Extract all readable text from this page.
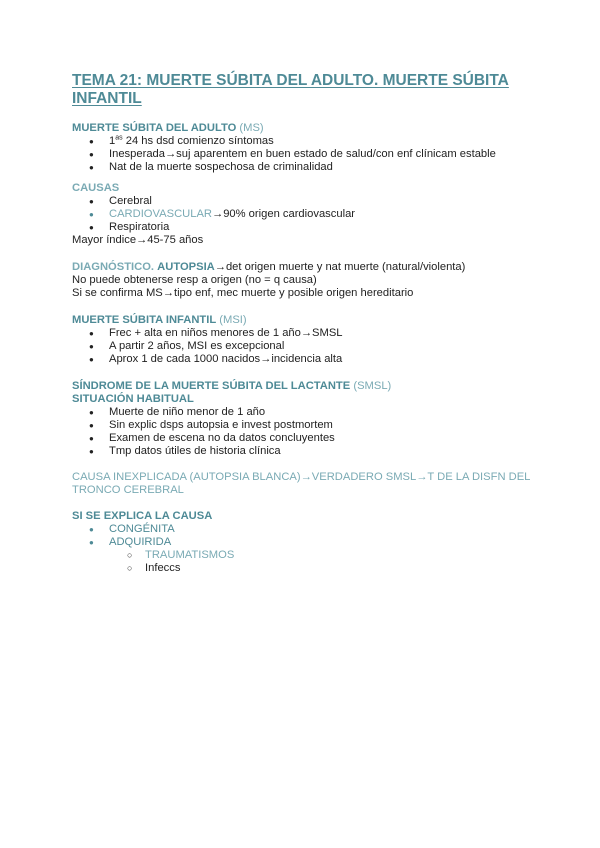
TEMA 21: MUERTE SÚBITA DEL ADULTO. MUERTE SÚBITA INFANTIL
MUERTE SÚBITA DEL ADULTO (MS)
● $1^{as}$ 24 hs dsd comienzo síntomas
● Inesperada→suj aparentem en buen estado de salud/con enf clínicam estable
● Nat de la muerte sospechosa de criminalidad
CAUSAS
● Cerebral
● CARDIOVASCULAR→90% origen cardiovascular
● Respiratoria
Mayor índice→45-75 años
DIAGNÓSTICO. AUTOPSIA→det origen muerte y nat muerte (natural/violenta)
No puede obtenerse resp a origen (no = q causa)
Si se confirma MS→tipo enf, mec muerte y posible origen hereditario
MUERTE SÚBITA INFANTIL (MSI)
● Frec + alta en niños menores de 1 año→SMSL
● A partir 2 años, MSI es excepcional
● Aprox 1 de cada 1000 nacidos→incidencia alta
SÍNDROME DE LA MUERTE SÚBITA DEL LACTANTE (SMSL)
SITUACIÓN HABITUAL
● Muerte de niño menor de 1 año
● Sin explic dsps autopsia e invest postmortem
● Examen de escena no da datos concluyentes
● Tmp datos útiles de historia clínica
CAUSA INEXPLICADA (AUTOPSIA BLANCA)→VERDADERO SMSL→T DE LA DISFN DEL
TRONCO CEREBRAL
SI SE EXPLICA LA CAUSA
● CONGÉNITA
● ADQUIRIDA
○ TRAUMATISMOS
○ Infeccs
